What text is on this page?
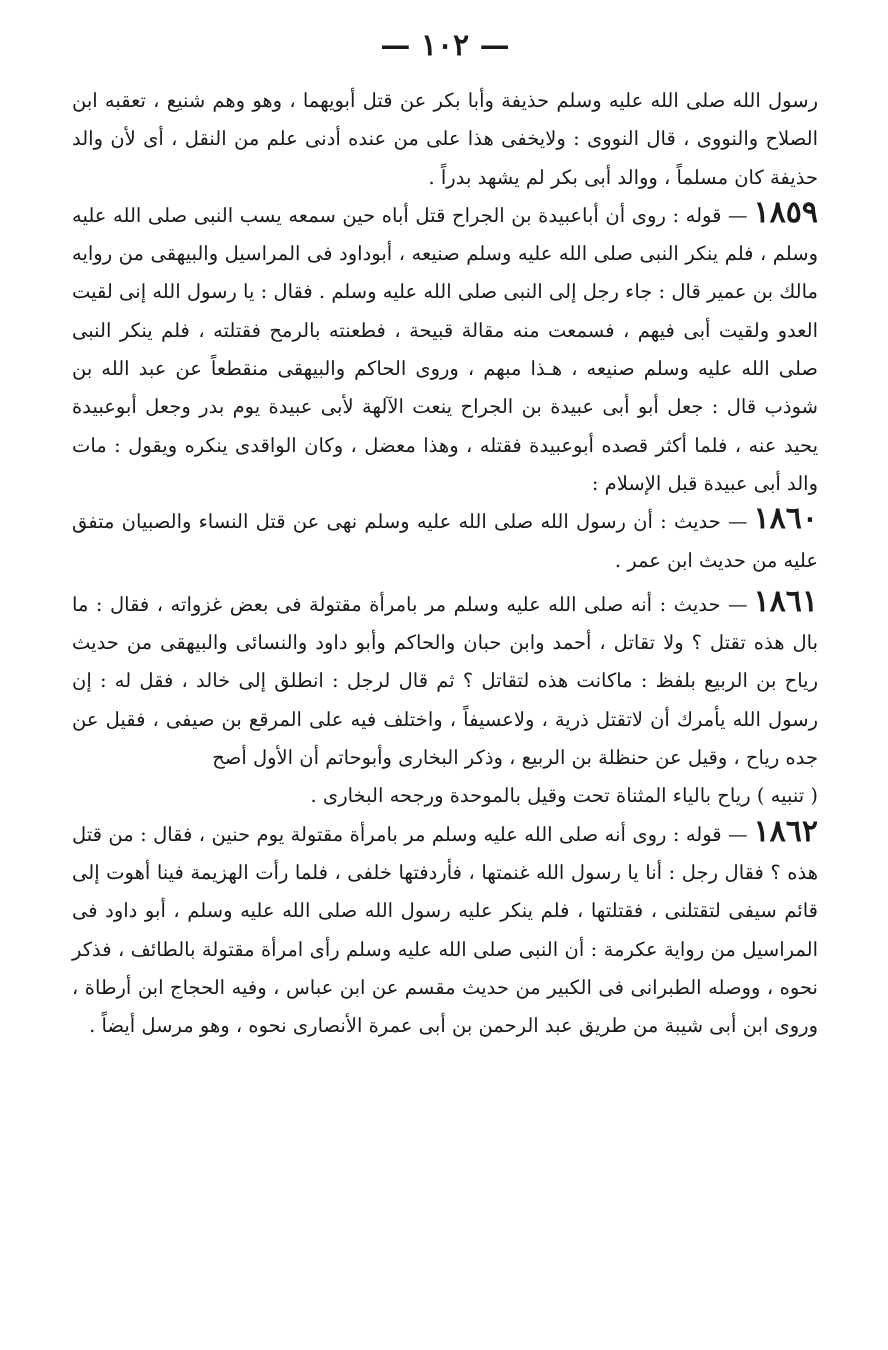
— ١٠٢ —

رسول الله صلى الله عليه وسلم حذيفة وأبا بكر عن قتل أبويهما ، وهو وهم شنيع ، تعقبه ابن الصلاح والنووى ، قال النووى : ولايخفى هذا على من عنده أدنى علم من النقل ، أى لأن والد حذيفة كان مسلماً ، ووالد أبى بكر لم يشهد بدراً .

١٨٥٩— قوله : روى أن أباعبيدة بن الجراح قتل أباه حين سمعه يسب النبى صلى الله عليه وسلم ، فلم ينكر النبى صلى الله عليه وسلم صنيعه ، أبوداود فى المراسيل والبيهقى من روايه مالك بن عمير قال : جاء رجل إلى النبى صلى الله عليه وسلم . فقال : يا رسول الله إنى لقيت العدو ولقيت أبى فيهم ، فسمعت منه مقالة قبيحة ، فطعنته بالرمح فقتلته ، فلم ينكر النبى صلى الله عليه وسلم صنيعه ، هـذا مبهم ، وروى الحاكم والبيهقى منقطعاً عن عبد الله بن شوذب قال : جعل أبو أبى عبيدة بن الجراح ينعت الآلهة لأبى عبيدة يوم بدر وجعل أبوعبيدة يحيد عنه ، فلما أكثر قصده أبوعبيدة فقتله ، وهذا معضل ، وكان الواقدى ينكره ويقول : مات والد أبى عبيدة قبل الإسلام :

١٨٦٠— حديث : أن رسول الله صلى الله عليه وسلم نهى عن قتل النساء والصبيان متفق عليه من حديث ابن عمر .

١٨٦١— حديث : أنه صلى الله عليه وسلم مر بامرأة مقتولة فى بعض غزواته ، فقال : ما بال هذه تقتل ؟ ولا تقاتل ، أحمد وابن حبان والحاكم وأبو داود والنسائى والبيهقى من حديث رياح بن الربيع بلفظ : ماكانت هذه لتقاتل ؟ ثم قال لرجل : انطلق إلى خالد ، فقل له : إن رسول الله يأمرك أن لاتقتل ذرية ، ولاعسيفاً ، واختلف فيه على المرقع بن صيفى ، فقيل عن جده رياح ، وقيل عن حنظلة بن الربيع ، وذكر البخارى وأبوحاتم أن الأول أصح

( تنبيه ) رياح بالياء المثناة تحت وقيل بالموحدة ورجحه البخارى .

١٨٦٢— قوله : روى أنه صلى الله عليه وسلم مر بامرأة مقتولة يوم حنين ، فقال : من قتل هذه ؟ فقال رجل : أنا يا رسول الله غنمتها ، فأردفتها خلفى ، فلما رأت الهزيمة فينا أهوت إلى قائم سيفى لتقتلنى ، فقتلتها ، فلم ينكر عليه رسول الله صلى الله عليه وسلم ، أبو داود فى المراسيل من رواية عكرمة : أن النبى صلى الله عليه وسلم رأى امرأة مقتولة بالطائف ، فذكر نحوه ، ووصله الطبرانى فى الكبير من حديث مقسم عن ابن عباس ، وفيه الحجاج ابن أرطاة ، وروى ابن أبى شيبة من طريق عبد الرحمن بن أبى عمرة الأنصارى نحوه ، وهو مرسل أيضاً .
